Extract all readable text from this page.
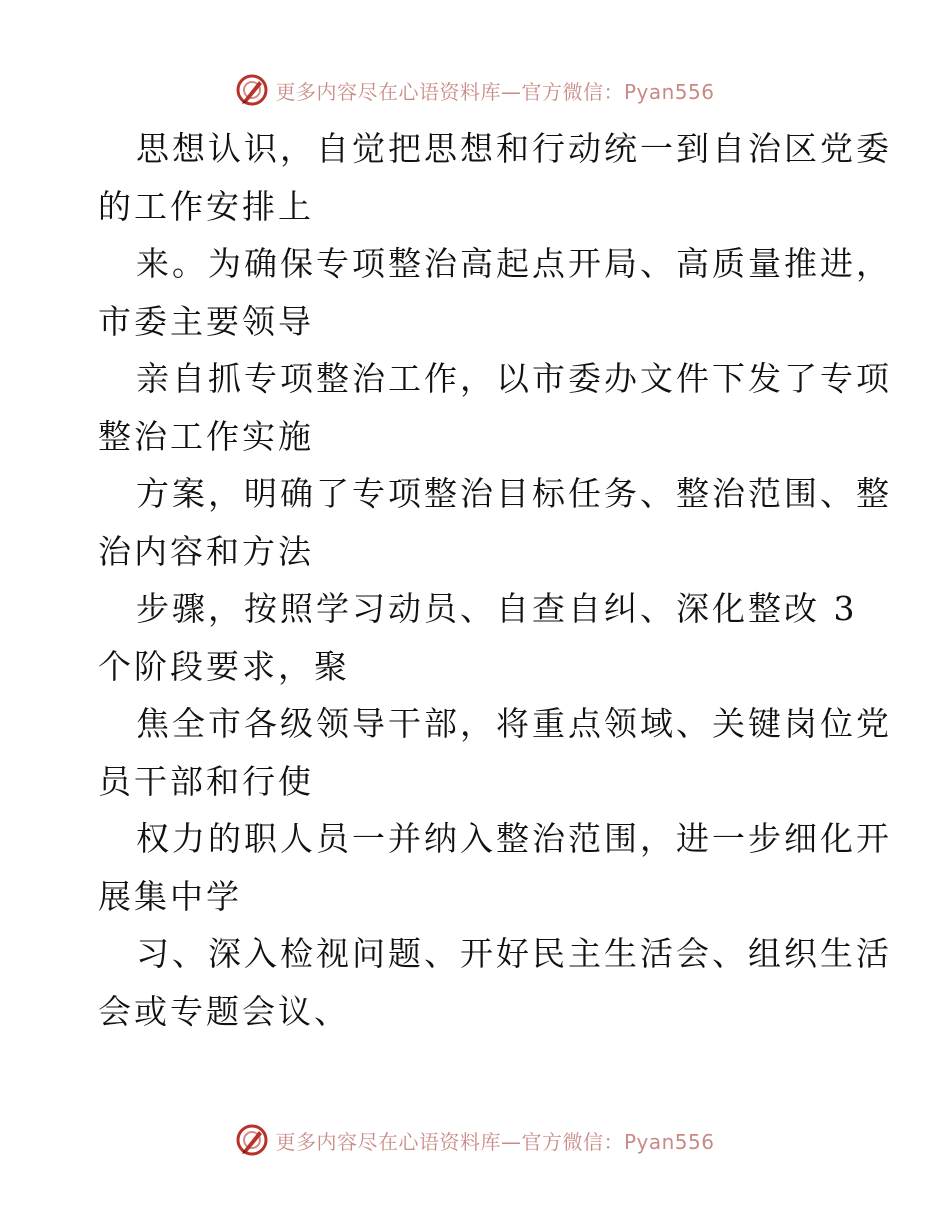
更多内容尽在心语资料库—官方微信：Pyan556
思想认识，自觉把思想和行动统一到自治区党委
的工作安排上
来。为确保专项整治高起点开局、高质量推进，
市委主要领导
亲自抓专项整治工作，以市委办文件下发了专项
整治工作实施
方案，明确了专项整治目标任务、整治范围、整
治内容和方法
步骤，按照学习动员、自查自纠、深化整改 3
个阶段要求，聚
焦全市各级领导干部，将重点领域、关键岗位党
员干部和行使
权力的职人员一并纳入整治范围，进一步细化开
展集中学
习、深入检视问题、开好民主生活会、组织生活
会或专题会议、
更多内容尽在心语资料库—官方微信：Pyan556
